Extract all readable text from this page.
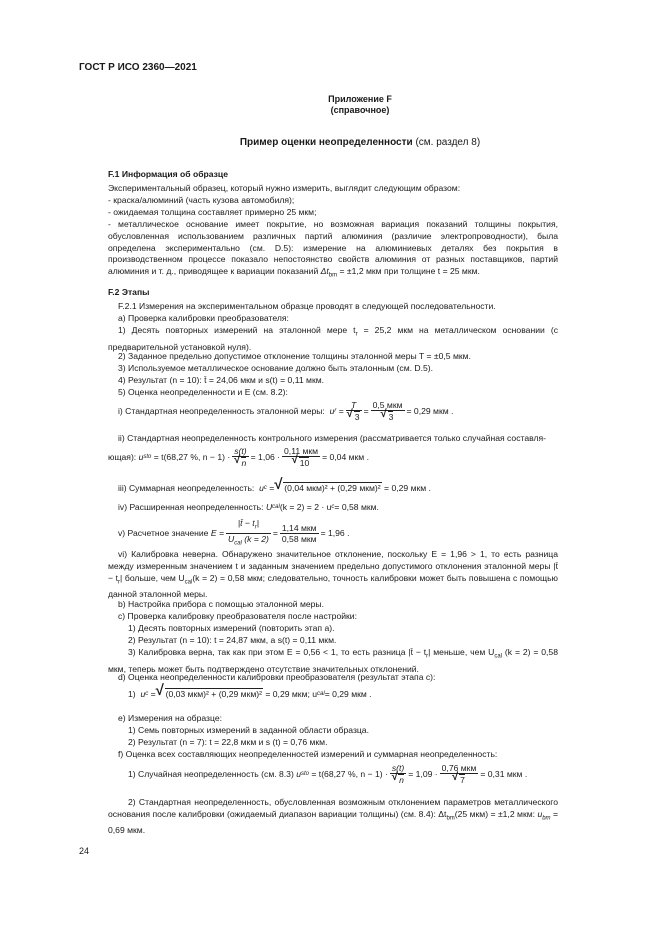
ГОСТ Р ИСО 2360—2021
Приложение F
(справочное)
Пример оценки неопределенности (см. раздел 8)
F.1 Информация об образце
Экспериментальный образец, который нужно измерить, выглядит следующим образом:
- краска/алюминий (часть кузова автомобиля);
- ожидаемая толщина составляет примерно 25 мкм;
- металлическое основание имеет покрытие, но возможная вариация показаний толщины покрытия, обусловленная использованием различных партий алюминия (различие электропроводности), была определена экспериментально (см. D.5): измерение на алюминиевых деталях без покрытия в производственном процессе показало непостоянство свойств алюминия от разных поставщиков, партий алюминия и т. д., приводящее к вариации показаний $\Delta t_{bm} = \pm 1,2$ мкм при толщине t = 25 мкм.
F.2 Этапы
F.2.1 Измерения на экспериментальном образце проводят в следующей последовательности.
a) Проверка калибровки преобразователя:
1) Десять повторных измерений на эталонной мере $t_r = 25,2$ мкм на металлическом основании (с предварительной установкой нуля).
2) Заданное предельно допустимое отклонение толщины эталонной меры T = ±0,5 мкм.
3) Используемое металлическое основание должно быть эталонным (см. D.5).
4) Результат (n = 10): t̄ = 24,06 мкм и s(t) = 0,11 мкм.
5) Оценка неопределенности и E (см. 8.2):
i) Стандартная неопределенность эталонной меры:
u r = T
√ 3 = 0,5 мкм
√ 3 = 0,29 мкм .
ii) Стандартная неопределенность контрольного измерения (рассматривается только случайная составля-
ющая):
u sto
= t(68,27 %, n − 1) · s(t)
√ n = 1,06 · 0,11 мкм
√ 10 = 0,04 мкм .
iii) Суммарная неопределенность:
u c = √ (0,04 мкм)² + (0,29 мкм)²
= 0,29 мкм .
iv) Расширенная неопределенность:
U cal (k = 2) = 2 · u c = 0,58 мкм.
v) Расчетное значение
$E = \frac{|t̄ - t_r|}{U_{cal} (k = 2)} = \frac{\text{1,14 мкм}}{\text{0,58 мкм}} = 1,96$ .
vi) Калибровка неверна. Обнаружено значительное отклонение, поскольку E = 1,96 > 1, то есть разница между измеренным значением t и заданным значением предельно допустимого отклонения эталонной меры |t̄ − $t_r|$ больше, чем $U_{cal}(k = 2) = 0,58$ мкм; следовательно, точность калибровки может быть повышена с помощью данной эталонной меры.
b) Настройка прибора с помощью эталонной меры.
c) Проверка калибровку преобразователя после настройки:
1) Десять повторных измерений (повторить этап a).
2) Результат (n = 10): t = 24,87 мкм, a s(t) = 0,11 мкм.
3) Калибровка верна, так как при этом E = 0,56 < 1, то есть разница |t̄ − $t_r|$ меньше, чем $U_{cal}$ (k = 2) = 0,58 мкм, теперь может быть подтверждено отсутствие значительных отклонений.
d) Оценка неопределенности калибровки преобразователя (результат этапа c):
1)
u c = √ (0,03 мкм)² + (0,29 мкм)²
= 0,29 мкм; u cal = 0,29 мкм .
e) Измерения на образце:
1) Семь повторных измерений в заданной области образца.
2) Результат (n = 7): t = 22,8 мкм и s (t) = 0,76 мкм.
f) Оценка всех составляющих неопределенностей измерений и суммарная неопределенность:
1) Случайная неопределенность (см. 8.3)
u sto
= t(68,27 %, n − 1) · s(t)
√ n = 1,09 · 0,76 мкм
√ 7 = 0,31 мкм .
2) Стандартная неопределенность, обусловленная возможным отклонением параметров металлического основания после калибровки (ожидаемый диапазон вариации толщины) (см. 8.4): $\Delta t_{bm}(25$ мкм) = ±1,2 мкм: $u_{bm} = 0,69$ мкм.
24
